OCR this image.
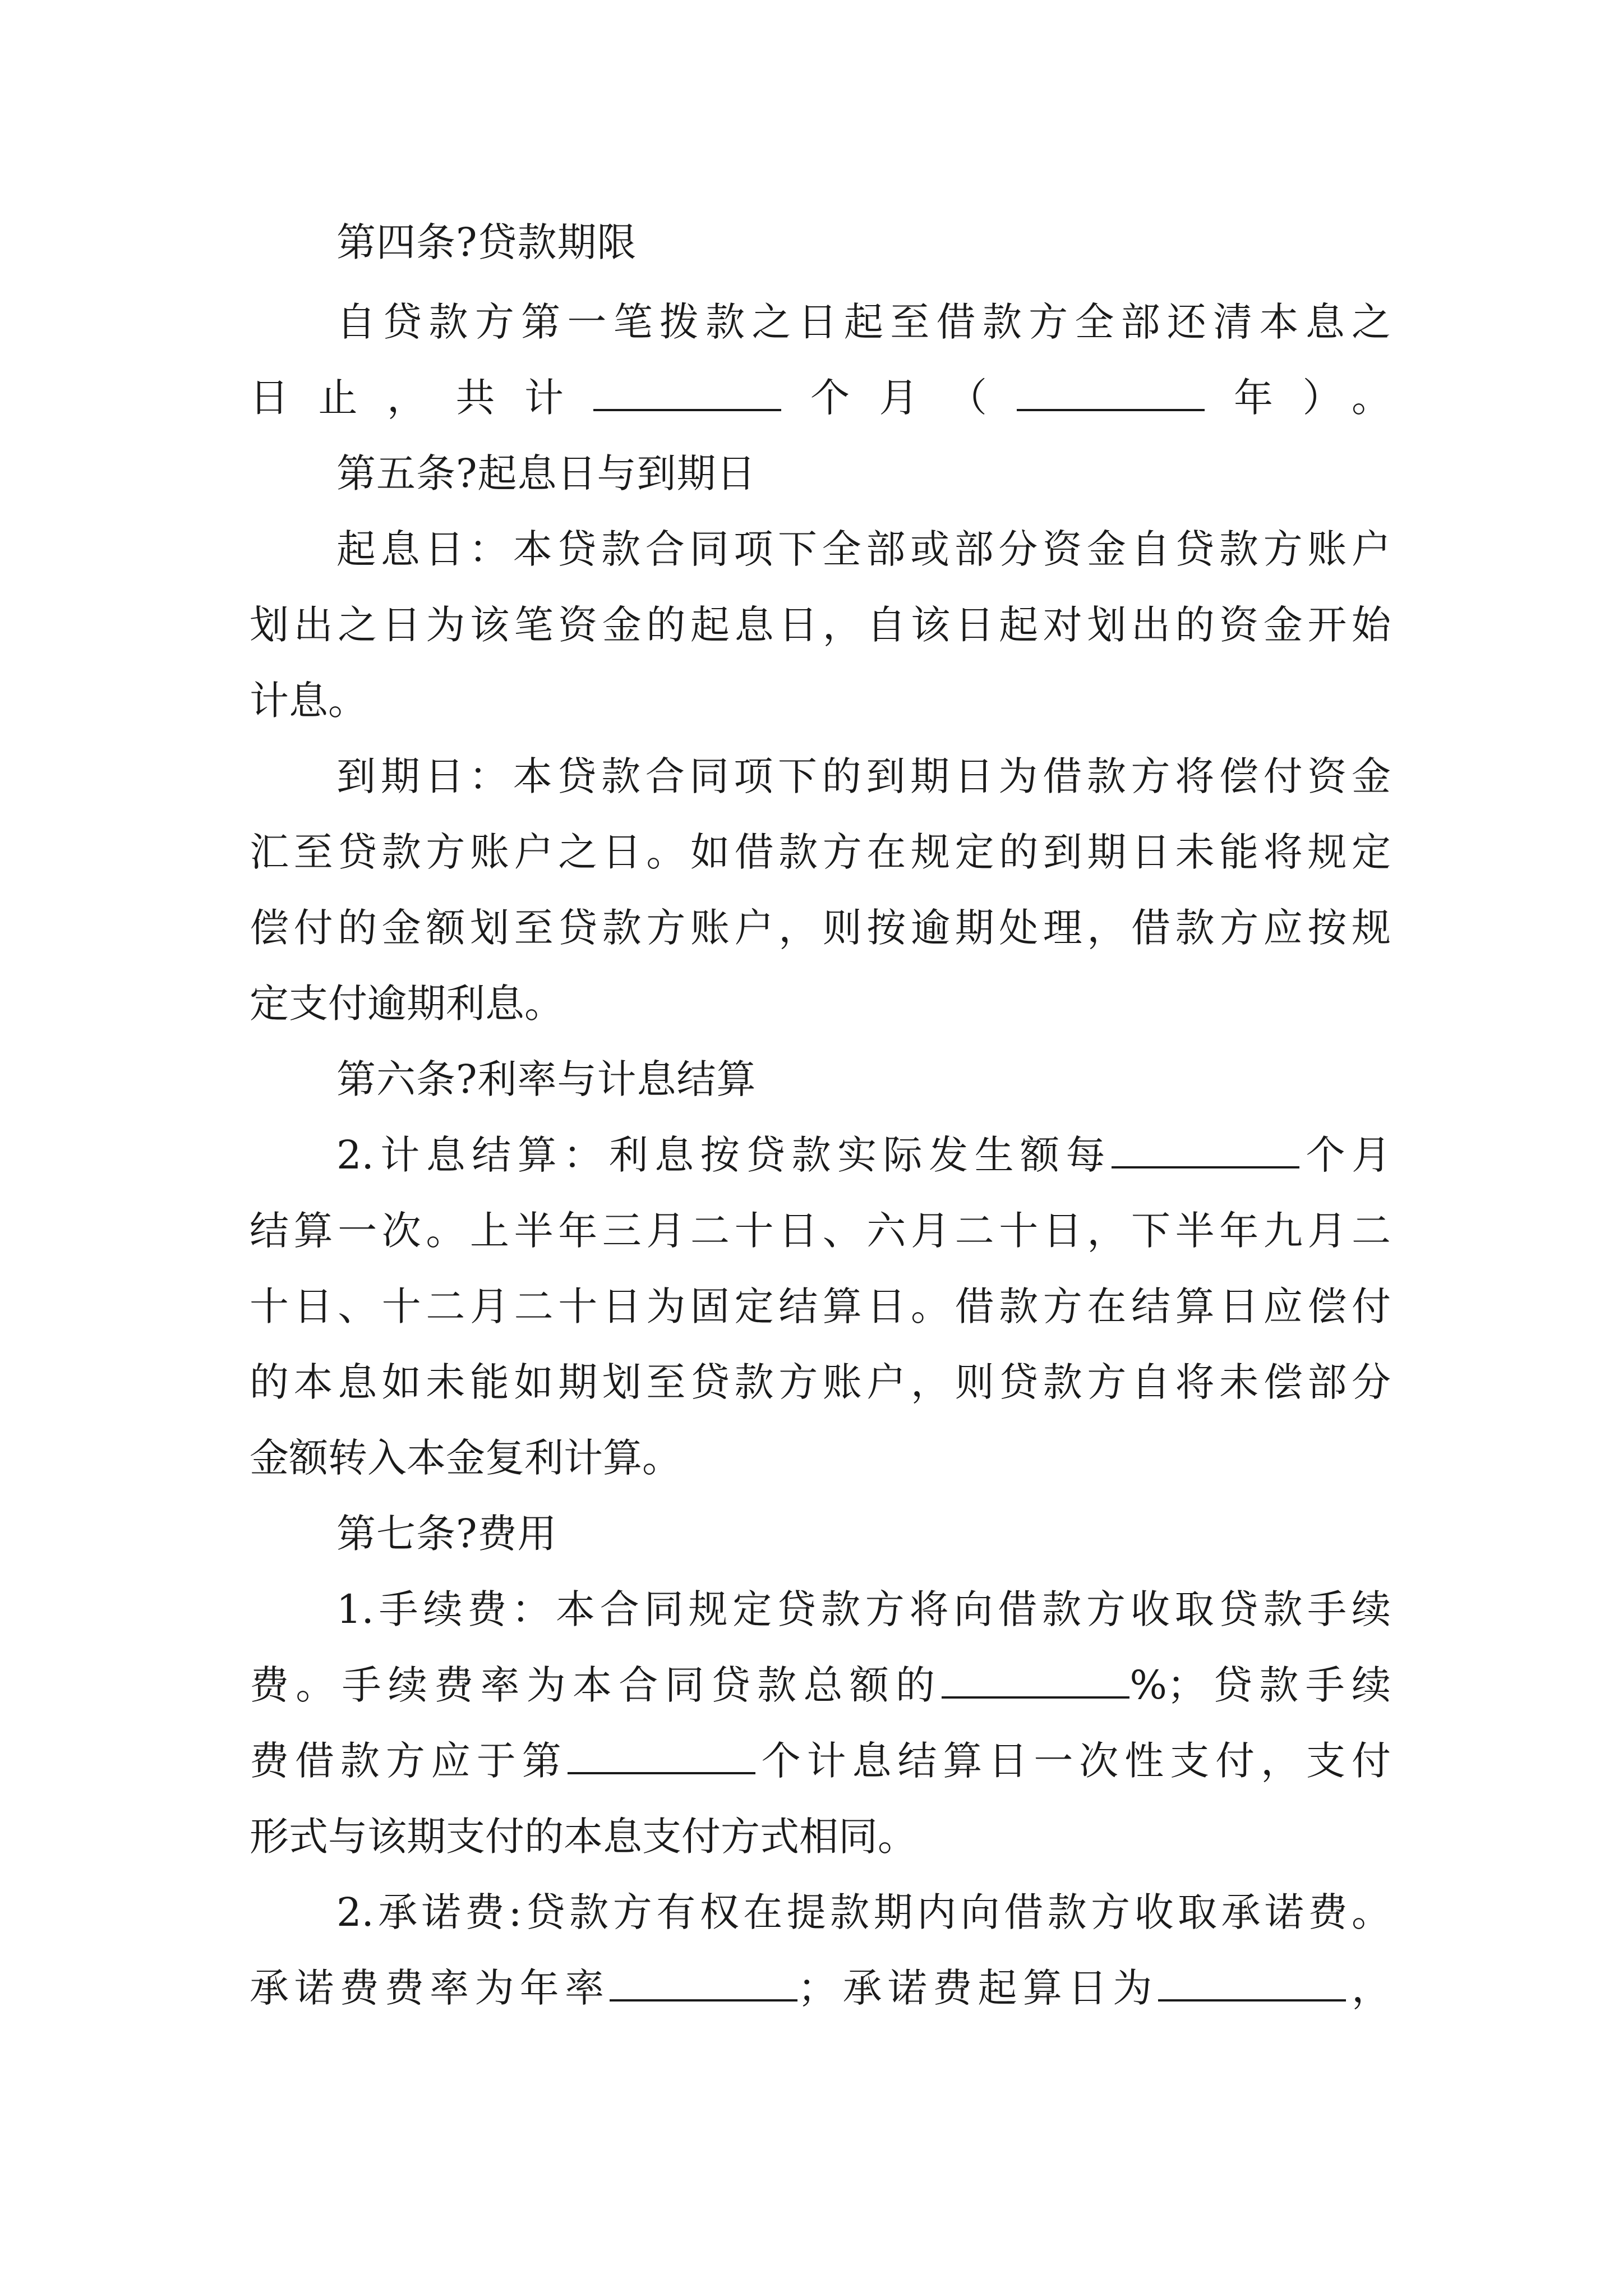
第四条?贷款期限
自贷款方第一笔拨款之日起至借款方全部还清本息之
日止，共计	个月（	年）。
第五条?起息日与到期日
起息日：本贷款合同项下全部或部分资金自贷款方账户
划出之日为该笔资金的起息日，自该日起对划出的资金开始
计息。
到期日：本贷款合同项下的到期日为借款方将偿付资金
汇至贷款方账户之日。如借款方在规定的到期日未能将规定
偿付的金额划至贷款方账户，则按逾期处理，借款方应按规
定支付逾期利息。
第六条?利率与计息结算
2.计息结算：利息按贷款实际发生额每	个月
结算一次。上半年三月二十日、六月二十日，下半年九月二
十日、十二月二十日为固定结算日。借款方在结算日应偿付
的本息如未能如期划至贷款方账户，则贷款方自将未偿部分
金额转入本金复利计算。
第七条?费用
1.手续费：本合同规定贷款方将向借款方收取贷款手续
费。手续费率为本合同贷款总额的	%；贷款手续
费借款方应于第	个计息结算日一次性支付，支付
形式与该期支付的本息支付方式相同。
2.承诺费:贷款方有权在提款期内向借款方收取承诺费。
承诺费费率为年率	；承诺费起算日为	，
